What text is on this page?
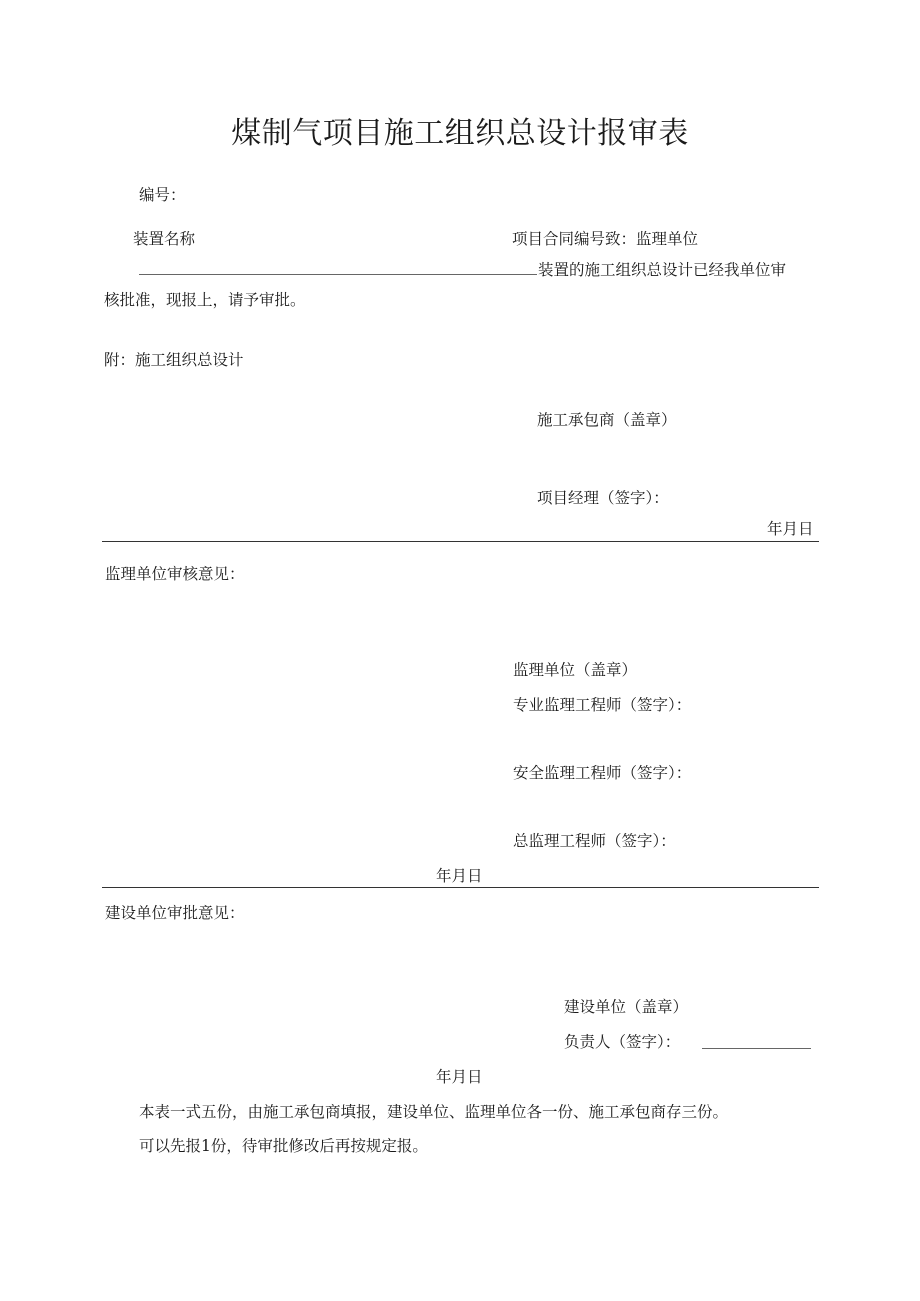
煤制气项目施工组织总设计报审表
编号：
装置名称	项目合同编号致：监理单位
装置的施工组织总设计已经我单位审
核批准，现报上，请予审批。
附：施工组织总设计
施工承包商（盖章）
项目经理（签字）：
年月日
监理单位审核意见：
监理单位（盖章）
专业监理工程师（签字）：
安全监理工程师（签字）：
总监理工程师（签字）：
年月日
建设单位审批意见：
建设单位（盖章）
负责人（签字）：
年月日
本表一式五份，由施工承包商填报，建设单位、监理单位各一份、施工承包商存三份。
可以先报1份，待审批修改后再按规定报。
